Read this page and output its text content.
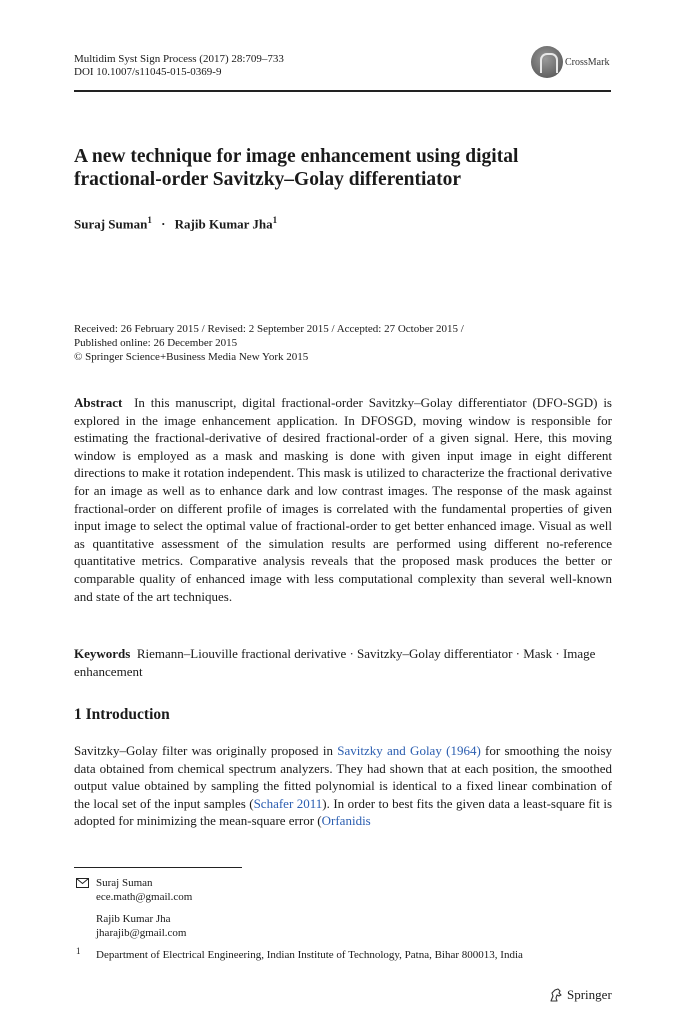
Multidim Syst Sign Process (2017) 28:709–733
DOI 10.1007/s11045-015-0369-9
CrossMark
A new technique for image enhancement using digital
fractional-order Savitzky–Golay differentiator
Suraj Suman$^1$ · Rajib Kumar Jha$^1$
Received: 26 February 2015 / Revised: 2 September 2015 / Accepted: 27 October 2015 /
Published online: 26 December 2015
© Springer Science+Business Media New York 2015
Abstract In this manuscript, digital fractional-order Savitzky–Golay differentiator (DFO-SGD) is explored in the image enhancement application. In DFOSGD, moving window is responsible for estimating the fractional-derivative of desired fractional-order of a given signal. Here, this moving window is employed as a mask and masking is done with given input image in eight different directions to make it rotation independent. This mask is utilized to characterize the fractional derivative for an image as well as to enhance dark and low contrast images. The response of the mask against fractional-order on different profile of images is correlated with the fundamental properties of given input image to select the optimal value of fractional-order to get better enhanced image. Visual as well as quantitative assessment of the simulation results are performed using different no-reference quantitative metrics. Comparative analysis reveals that the proposed mask produces the better or comparable quality of enhanced image with less computational complexity than several well-known and state of the art techniques.
Keywords Riemann–Liouville fractional derivative · Savitzky–Golay differentiator · Mask · Image enhancement
1 Introduction
Savitzky–Golay filter was originally proposed in Savitzky and Golay (1964) for smoothing the noisy data obtained from chemical spectrum analyzers. They had shown that at each position, the smoothed output value obtained by sampling the fitted polynomial is identical to a fixed linear combination of the local set of the input samples (Schafer 2011). In order to best fits the given data a least-square fit is adopted for minimizing the mean-square error (Orfanidis
Suraj Suman
ece.math@gmail.com
Rajib Kumar Jha
jharajib@gmail.com
1 Department of Electrical Engineering, Indian Institute of Technology, Patna, Bihar 800013, India
Springer
